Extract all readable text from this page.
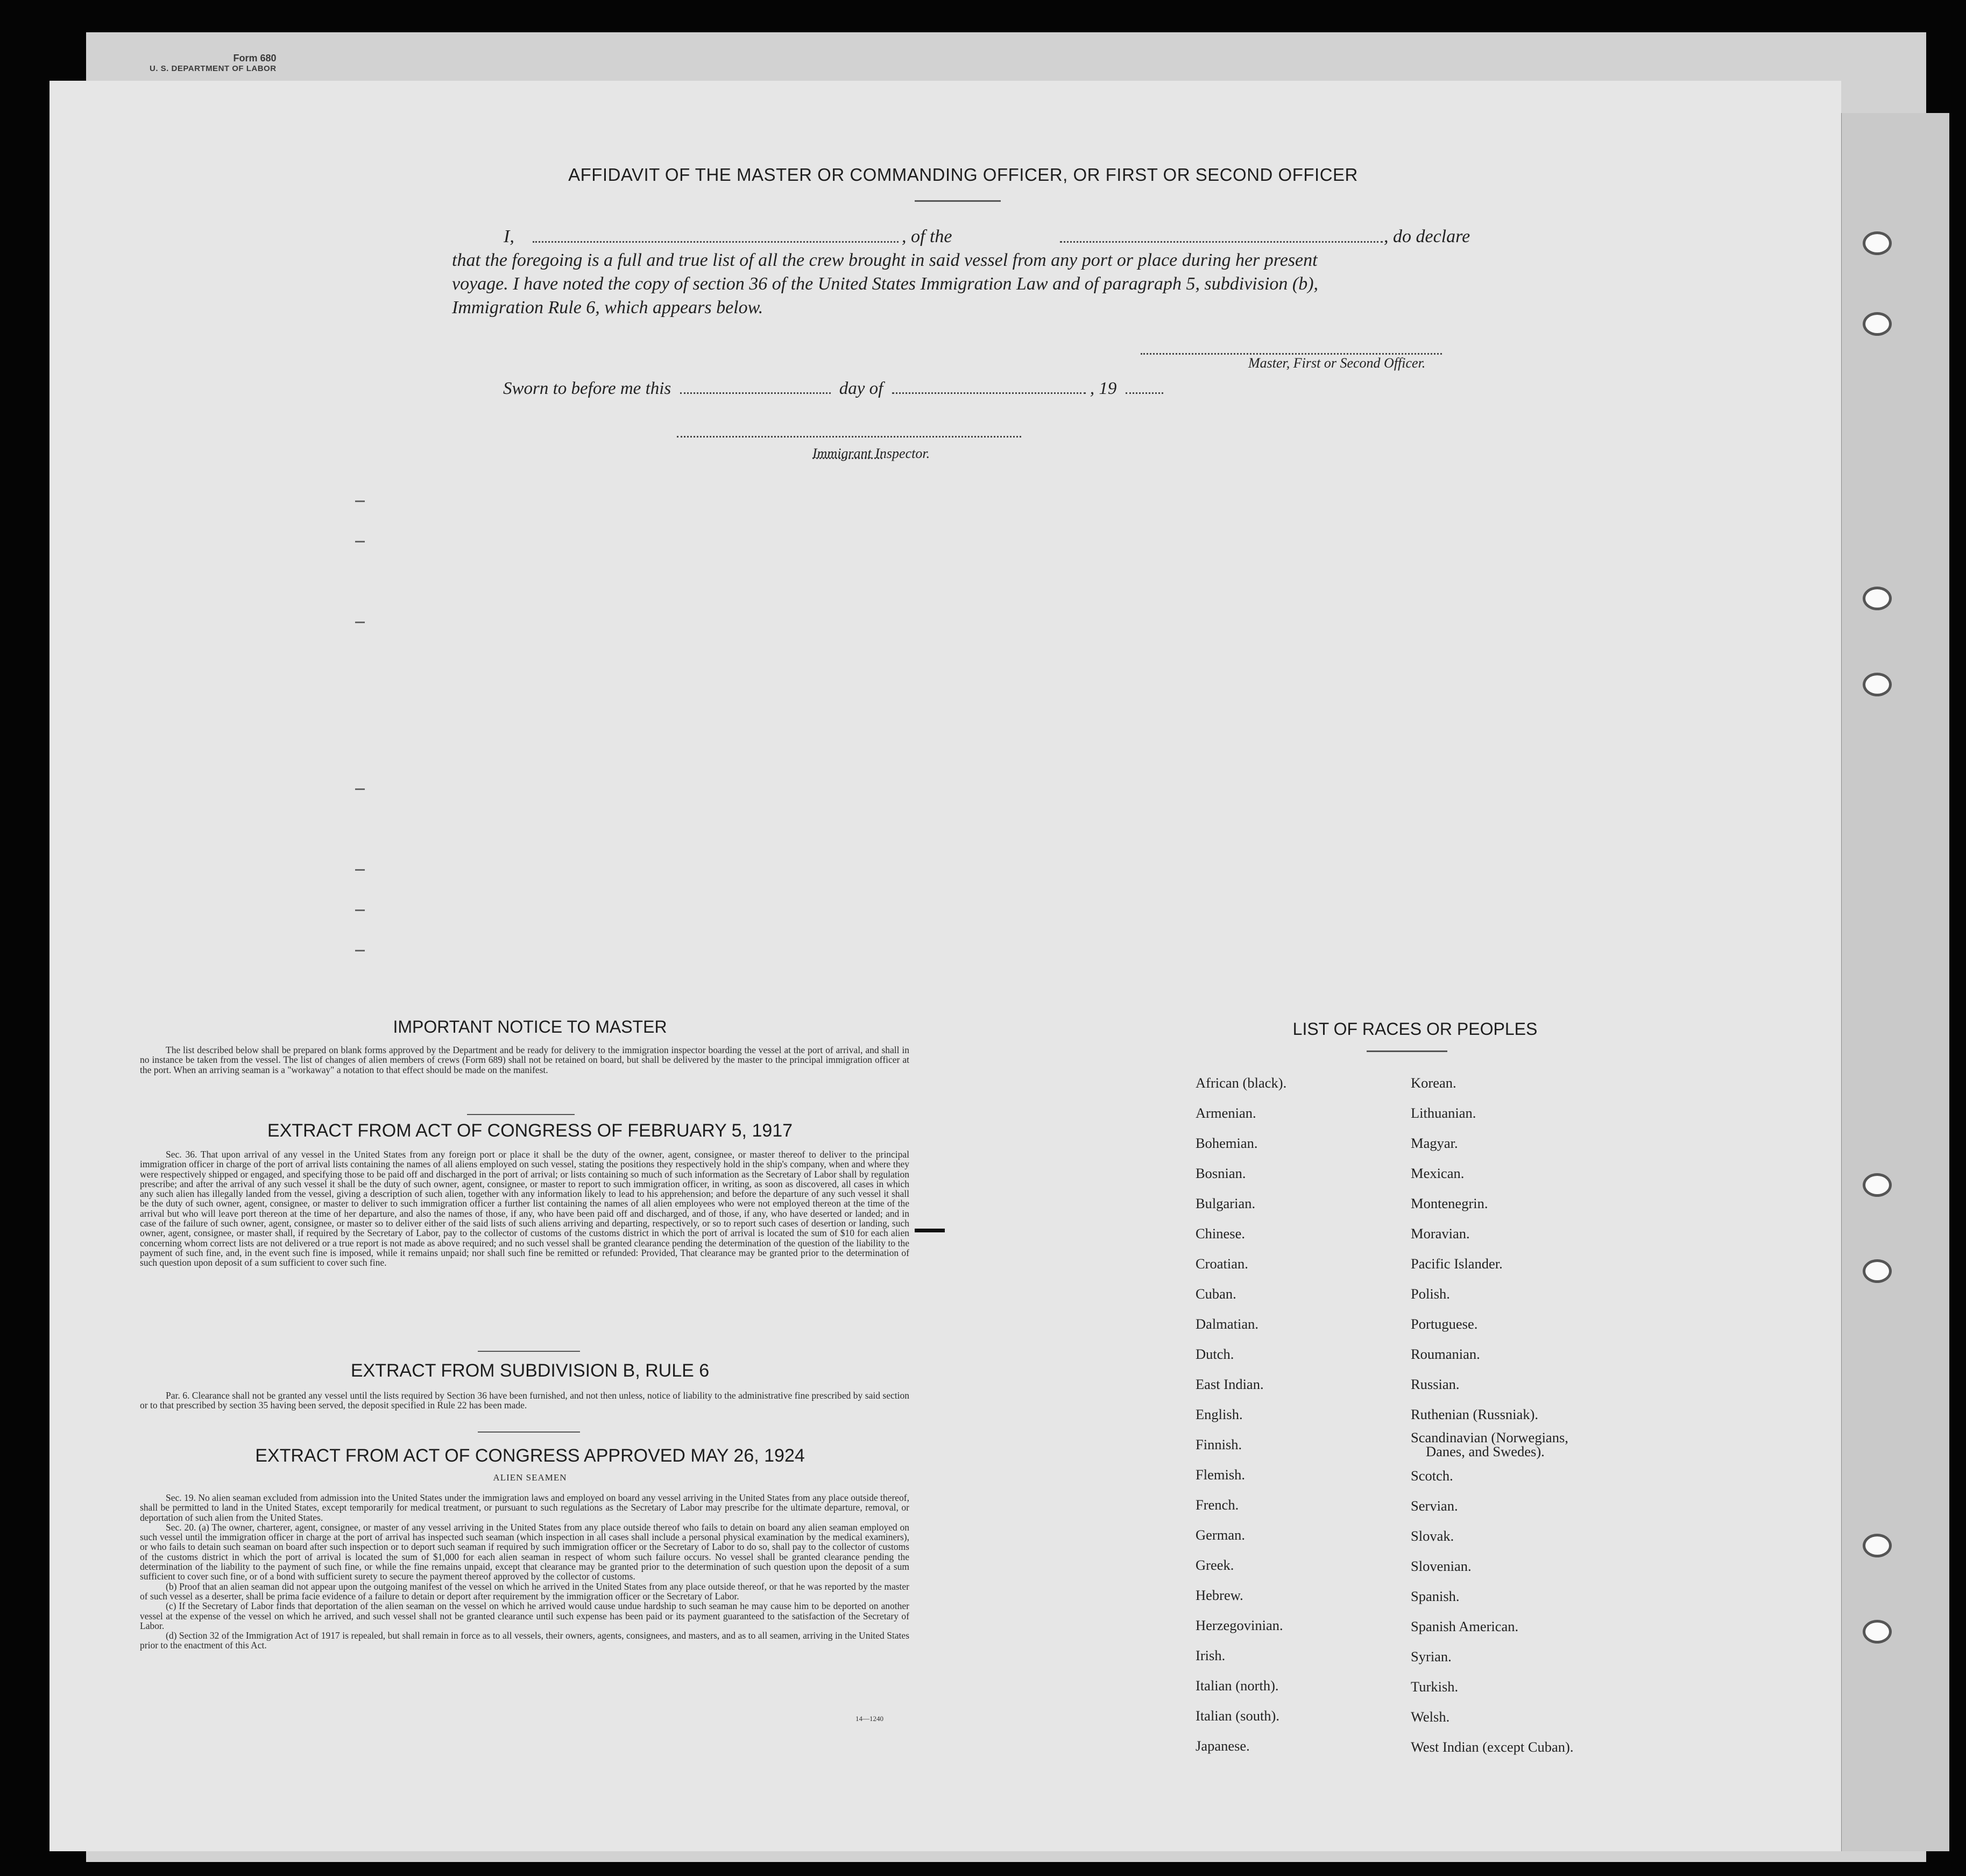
Form 680
U. S. DEPARTMENT OF LABOR
AFFIDAVIT OF THE MASTER OR COMMANDING OFFICER, OR FIRST OR SECOND OFFICER
I,	, of the	, do declare
that the foregoing is a full and true list of all the crew brought in said vessel from any port or place during her present
voyage. I have noted the copy of section 36 of the United States Immigration Law and of paragraph 5, subdivision (b),
Immigration Rule 6, which appears below.
Master, First or Second Officer.
Sworn to before me this	day of	, 19
Immigrant Inspector.
IMPORTANT NOTICE TO MASTER

The list described below shall be prepared on blank forms approved by the Department and be ready for delivery to the immigration inspector boarding the vessel at the port of arrival, and shall in no instance be taken from the vessel. The list of changes of alien members of crews (Form 689) shall not be retained on board, but shall be delivered by the master to the principal immigration officer at the port. When an arriving seaman is a "workaway" a notation to that effect should be made on the manifest.

EXTRACT FROM ACT OF CONGRESS OF FEBRUARY 5, 1917

Sec. 36. That upon arrival of any vessel in the United States from any foreign port or place it shall be the duty of the owner, agent, consignee, or master thereof to deliver to the principal immigration officer in charge of the port of arrival lists containing the names of all aliens employed on such vessel, stating the positions they respectively hold in the ship's company, when and where they were respectively shipped or engaged, and specifying those to be paid off and discharged in the port of arrival; or lists containing so much of such information as the Secretary of Labor shall by regulation prescribe; and after the arrival of any such vessel it shall be the duty of such owner, agent, consignee, or master to report to such immigration officer, in writing, as soon as discovered, all cases in which any such alien has illegally landed from the vessel, giving a description of such alien, together with any information likely to lead to his apprehension; and before the departure of any such vessel it shall be the duty of such owner, agent, consignee, or master to deliver to such immigration officer a further list containing the names of all alien employees who were not employed thereon at the time of the arrival but who will leave port thereon at the time of her departure, and also the names of those, if any, who have been paid off and discharged, and of those, if any, who have deserted or landed; and in case of the failure of such owner, agent, consignee, or master so to deliver either of the said lists of such aliens arriving and departing, respectively, or so to report such cases of desertion or landing, such owner, agent, consignee, or master shall, if required by the Secretary of Labor, pay to the collector of customs of the customs district in which the port of arrival is located the sum of $10 for each alien concerning whom correct lists are not delivered or a true report is not made as above required; and no such vessel shall be granted clearance pending the determination of the question of the liability to the payment of such fine, and, in the event such fine is imposed, while it remains unpaid; nor shall such fine be remitted or refunded: Provided, That clearance may be granted prior to the determination of such question upon deposit of a sum sufficient to cover such fine.

EXTRACT FROM SUBDIVISION B, RULE 6

Par. 6. Clearance shall not be granted any vessel until the lists required by Section 36 have been furnished, and not then unless, notice of liability to the administrative fine prescribed by said section or to that prescribed by section 35 having been served, the deposit specified in Rule 22 has been made.

EXTRACT FROM ACT OF CONGRESS APPROVED MAY 26, 1924
ALIEN SEAMEN

Sec. 19. No alien seaman excluded from admission into the United States under the immigration laws and employed on board any vessel arriving in the United States from any place outside thereof, shall be permitted to land in the United States, except temporarily for medical treatment, or pursuant to such regulations as the Secretary of Labor may prescribe for the ultimate departure, removal, or deportation of such alien from the United States.

Sec. 20. (a) The owner, charterer, agent, consignee, or master of any vessel arriving in the United States from any place outside thereof who fails to detain on board any alien seaman employed on such vessel until the immigration officer in charge at the port of arrival has inspected such seaman (which inspection in all cases shall include a personal physical examination by the medical examiners), or who fails to detain such seaman on board after such inspection or to deport such seaman if required by such immigration officer or the Secretary of Labor to do so, shall pay to the collector of customs of the customs district in which the port of arrival is located the sum of $1,000 for each alien seaman in respect of whom such failure occurs. No vessel shall be granted clearance pending the determination of the liability to the payment of such fine, or while the fine remains unpaid, except that clearance may be granted prior to the determination of such question upon the deposit of a sum sufficient to cover such fine, or of a bond with sufficient surety to secure the payment thereof approved by the collector of customs.

(b) Proof that an alien seaman did not appear upon the outgoing manifest of the vessel on which he arrived in the United States from any place outside thereof, or that he was reported by the master of such vessel as a deserter, shall be prima facie evidence of a failure to detain or deport after requirement by the immigration officer or the Secretary of Labor.

(c) If the Secretary of Labor finds that deportation of the alien seaman on the vessel on which he arrived would cause undue hardship to such seaman he may cause him to be deported on another vessel at the expense of the vessel on which he arrived, and such vessel shall not be granted clearance until such expense has been paid or its payment guaranteed to the satisfaction of the Secretary of Labor.

(d) Section 32 of the Immigration Act of 1917 is repealed, but shall remain in force as to all vessels, their owners, agents, consignees, and masters, and as to all seamen, arriving in the United States prior to the enactment of this Act.

14—1240
LIST OF RACES OR PEOPLES
African (black).
Armenian.
Bohemian.
Bosnian.
Bulgarian.
Chinese.
Croatian.
Cuban.
Dalmatian.
Dutch.
East Indian.
English.
Finnish.
Flemish.
French.
German.
Greek.
Hebrew.
Herzegovinian.
Irish.
Italian (north).
Italian (south).
Japanese.
Korean.
Lithuanian.
Magyar.
Mexican.
Montenegrin.
Moravian.
Pacific Islander.
Polish.
Portuguese.
Roumanian.
Russian.
Ruthenian (Russniak).
Scandinavian (Norwegians,
Danes, and Swedes).
Scotch.
Servian.
Slovak.
Slovenian.
Spanish.
Spanish American.
Syrian.
Turkish.
Welsh.
West Indian (except Cuban).
